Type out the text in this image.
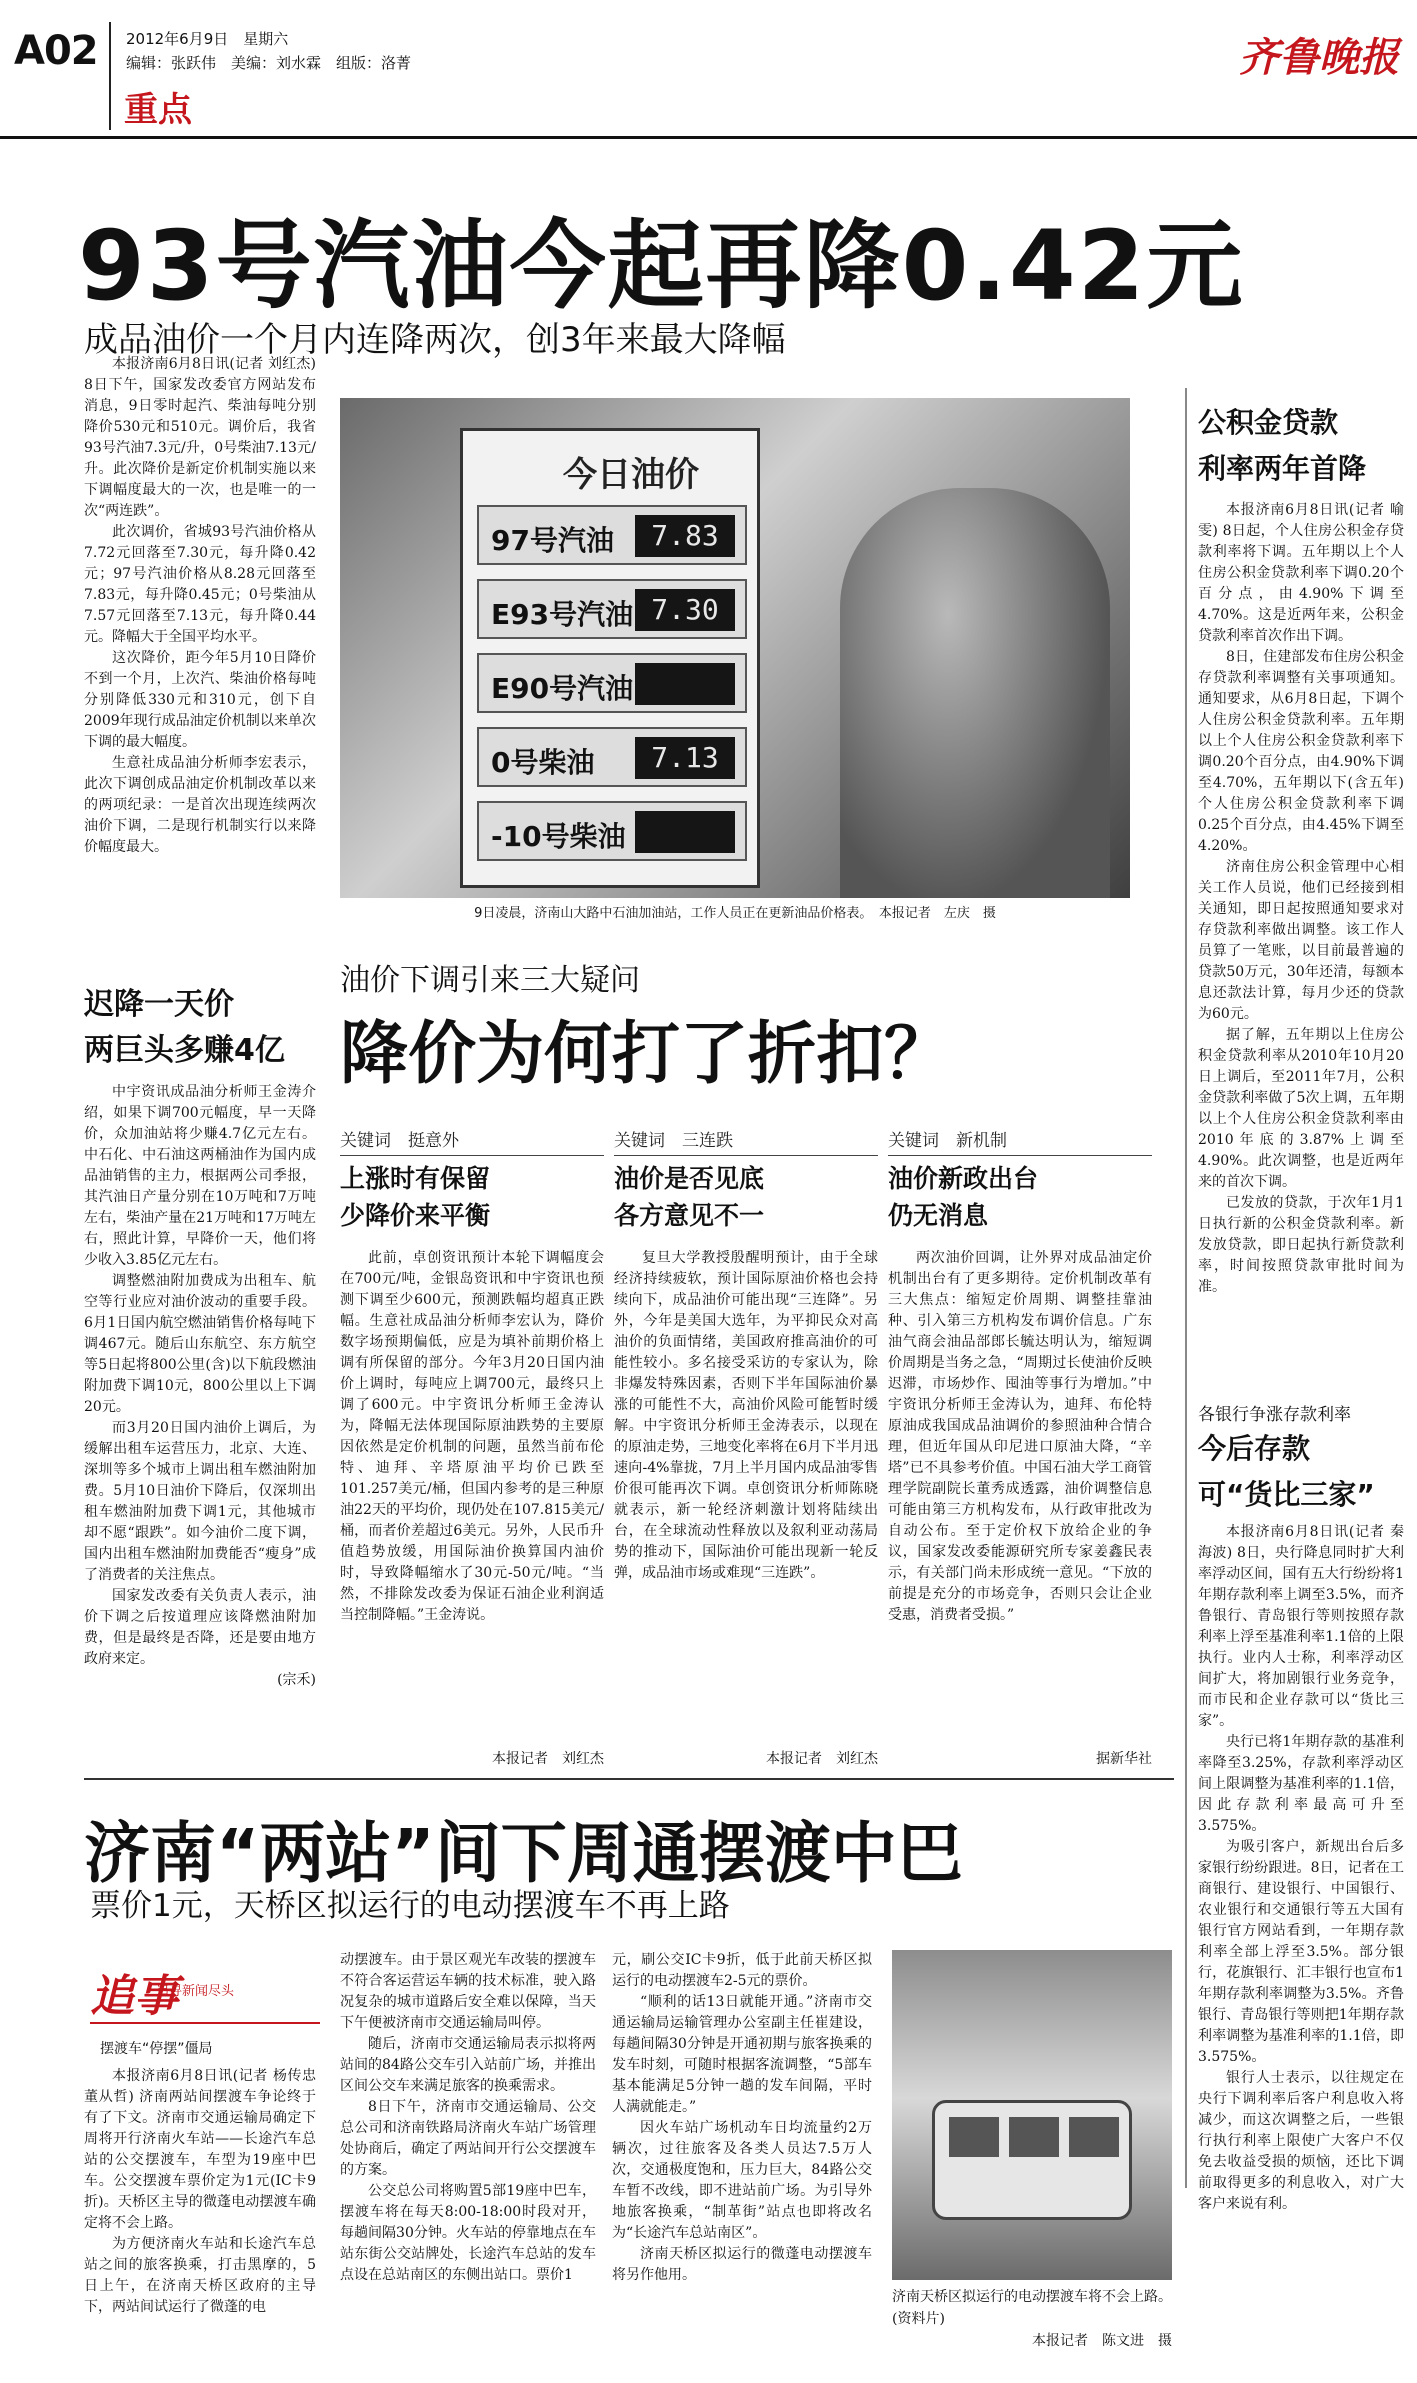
A02 2012年6月9日　星期六
编辑：张跃伟　美编：刘水霖　组版：洛菁
重点
齐鲁晚报
93号汽油今起再降0.42元
成品油价一个月内连降两次，创3年来最大降幅

本报济南6月8日讯(记者 刘红杰) 8日下午，国家发改委官方网站发布消息，9日零时起汽、柴油每吨分别降价530元和510元。调价后，我省93号汽油7.3元/升，0号柴油7.13元/升。此次降价是新定价机制实施以来下调幅度最大的一次，也是唯一的一次“两连跌”。

此次调价，省城93号汽油价格从7.72元回落至7.30元，每升降0.42元；97号汽油价格从8.28元回落至7.83元，每升降0.45元；0号柴油从7.57元回落至7.13元，每升降0.44元。降幅大于全国平均水平。

这次降价，距今年5月10日降价不到一个月，上次汽、柴油价格每吨分别降低330元和310元，创下自2009年现行成品油定价机制以来单次下调的最大幅度。

生意社成品油分析师李宏表示，此次下调创成品油定价机制改革以来的两项纪录：一是首次出现连续两次油价下调，二是现行机制实行以来降价幅度最大。

今日油价
97号汽油	7.83
E93号汽油 7.30
E90号汽油
0号柴油	7.13
-10号柴油
9日凌晨，济南山大路中石油加油站，工作人员正在更新油品价格表。　本报记者　左庆　摄
迟降一天价
两巨头多赚4亿

中宇资讯成品油分析师王金涛介绍，如果下调700元幅度，早一天降价，众加油站将少赚4.7亿元左右。中石化、中石油这两桶油作为国内成品油销售的主力，根据两公司季报，其汽油日产量分别在10万吨和7万吨左右，柴油产量在21万吨和17万吨左右，照此计算，早降价一天，他们将少收入3.85亿元左右。

调整燃油附加费成为出租车、航空等行业应对油价波动的重要手段。6月1日国内航空燃油销售价格每吨下调467元。随后山东航空、东方航空等5日起将800公里(含)以下航段燃油附加费下调10元，800公里以上下调20元。

而3月20日国内油价上调后，为缓解出租车运营压力，北京、大连、深圳等多个城市上调出租车燃油附加费。5月10日油价下降后，仅深圳出租车燃油附加费下调1元，其他城市却不愿“跟跌”。如今油价二度下调，国内出租车燃油附加费能否“瘦身”成了消费者的关注焦点。

国家发改委有关负责人表示，油价下调之后按道理应该降燃油附加费，但是最终是否降，还是要由地方政府来定。

(宗禾)
油价下调引来三大疑问
降价为何打了折扣？
关键词　挺意外
上涨时有保留
少降价来平衡

此前，卓创资讯预计本轮下调幅度会在700元/吨，金银岛资讯和中宇资讯也预测下调至少600元，预测跌幅均超真正跌幅。生意社成品油分析师李宏认为，降价数字场预期偏低，应是为填补前期价格上调有所保留的部分。今年3月20日国内油价上调时，每吨应上调700元，最终只上调了600元。中宇资讯分析师王金涛认为，降幅无法体现国际原油跌势的主要原因依然是定价机制的问题，虽然当前布伦特、迪拜、辛塔原油平均价已跌至101.257美元/桶，但国内参考的是三种原油22天的平均价，现仍处在107.815美元/桶，而者价差超过6美元。另外，人民币升值趋势放缓，用国际油价换算国内油价时，导致降幅缩水了30元-50元/吨。“当然，不排除发改委为保证石油企业利润适当控制降幅。”王金涛说。

本报记者　刘红杰
关键词　三连跌
油价是否见底
各方意见不一

复旦大学教授殷醒明预计，由于全球经济持续疲软，预计国际原油价格也会持续向下，成品油价可能出现“三连降”。另外，今年是美国大选年，为平抑民众对高油价的负面情绪，美国政府推高油价的可能性较小。多名接受采访的专家认为，除非爆发特殊因素，否则下半年国际油价暴涨的可能性不大，高油价风险可能暂时缓解。中宇资讯分析师王金涛表示，以现在的原油走势，三地变化率将在6月下半月迅速向-4%靠拢，7月上半月国内成品油零售价很可能再次下调。卓创资讯分析师陈晓就表示，新一轮经济刺激计划将陆续出台，在全球流动性释放以及叙利亚动荡局势的推动下，国际油价可能出现新一轮反弹，成品油市场或难现“三连跌”。

本报记者　刘红杰
关键词　新机制
油价新政出台
仍无消息

两次油价回调，让外界对成品油定价机制出台有了更多期待。定价机制改革有三大焦点：缩短定价周期、调整挂靠油种、引入第三方机构发布调价信息。广东油气商会油品部郎长毓达明认为，缩短调价周期是当务之急，“周期过长使油价反映迟滞，市场炒作、囤油等事行为增加。”中宇资讯分析师王金涛认为，迪拜、布伦特原油成我国成品油调价的参照油种合情合理，但近年国从印尼进口原油大降，“辛塔”已不具参考价值。中国石油大学工商管理学院副院长董秀成透露，油价调整信息可能由第三方机构发布，从行政审批改为自动公布。至于定价权下放给企业的争议，国家发改委能源研究所专家姜鑫民表示，有关部门尚未形成统一意见。“下放的前提是充分的市场竞争，否则只会让企业受惠，消费者受损。”

据新华社
公积金贷款
利率两年首降

本报济南6月8日讯(记者 喻雯) 8日起，个人住房公积金存贷款利率将下调。五年期以上个人住房公积金贷款利率下调0.20个百分点，由4.90%下调至4.70%。这是近两年来，公积金贷款利率首次作出下调。

8日，住建部发布住房公积金存贷款利率调整有关事项通知。通知要求，从6月8日起，下调个人住房公积金贷款利率。五年期以上个人住房公积金贷款利率下调0.20个百分点，由4.90%下调至4.70%，五年期以下(含五年)个人住房公积金贷款利率下调0.25个百分点，由4.45%下调至4.20%。

济南住房公积金管理中心相关工作人员说，他们已经接到相关通知，即日起按照通知要求对存贷款利率做出调整。该工作人员算了一笔账，以目前最普遍的贷款50万元，30年还清，每额本息还款法计算，每月少还的贷款为60元。

据了解，五年期以上住房公积金贷款利率从2010年10月20日上调后，至2011年7月，公积金贷款利率做了5次上调，五年期以上个人住房公积金贷款利率由2010年底的3.87%上调至4.90%。此次调整，也是近两年来的首次下调。

已发放的贷款，于次年1月1日执行新的公积金贷款利率。新发放贷款，即日起执行新贷款利率，时间按照贷款审批时间为准。

各银行争涨存款利率
今后存款
可“货比三家”

本报济南6月8日讯(记者 秦海波) 8日，央行降息同时扩大利率浮动区间，国有五大行纷纷将1年期存款利率上调至3.5%，而齐鲁银行、青岛银行等则按照存款利率上浮至基准利率1.1倍的上限执行。业内人士称，利率浮动区间扩大，将加剧银行业务竞争，而市民和企业存款可以“货比三家”。

央行已将1年期存款的基准利率降至3.25%，存款利率浮动区间上限调整为基准利率的1.1倍，因此存款利率最高可升至3.575%。

为吸引客户，新规出台后多家银行纷纷跟进。8日，记者在工商银行、建设银行、中国银行、农业银行和交通银行等五大国有银行官方网站看到，一年期存款利率全部上浮至3.5%。部分银行，花旗银行、汇丰银行也宣布1年期存款利率调整为3.5%。齐鲁银行、青岛银行等则把1年期存款利率调整为基准利率的1.1倍，即3.575%。

银行人士表示，以往规定在央行下调利率后客户利息收入将减少，而这次调整之后，一些银行执行利率上限使广大客户不仅免去收益受损的烦恼，还比下调前取得更多的利息收入，对广大客户来说有利。

济南“两站”间下周通摆渡中巴
票价1元，天桥区拟运行的电动摆渡车不再上路
追事
追寻新闻尽头
摆渡车“停摆”僵局

本报济南6月8日讯(记者 杨传忠 董从哲) 济南两站间摆渡车争论终于有了下文。济南市交通运输局确定下周将开行济南火车站——长途汽车总站的公交摆渡车，车型为19座中巴车。公交摆渡车票价定为1元(IC卡9折)。天桥区主导的微蓬电动摆渡车确定将不会上路。

为方便济南火车站和长途汽车总站之间的旅客换乘，打击黑摩的，5日上午，在济南天桥区政府的主导下，两站间试运行了微蓬的电

动摆渡车。由于景区观光车改装的摆渡车不符合客运营运车辆的技术标准，驶入路况复杂的城市道路后安全难以保障，当天下午便被济南市交通运输局叫停。

随后，济南市交通运输局表示拟将两站间的84路公交车引入站前广场，并推出区间公交车来满足旅客的换乘需求。

8日下午，济南市交通运输局、公交总公司和济南铁路局济南火车站广场管理处协商后，确定了两站间开行公交摆渡车的方案。

公交总公司将购置5部19座中巴车，摆渡车将在每天8:00-18:00时段对开，每趟间隔30分钟。火车站的停靠地点在车站东街公交站牌处，长途汽车总站的发车点设在总站南区的东侧出站口。票价1

元，刷公交IC卡9折，低于此前天桥区拟运行的电动摆渡车2-5元的票价。

“顺利的话13日就能开通。”济南市交通运输局运输管理办公室副主任崔建设，每趟间隔30分钟是开通初期与旅客换乘的发车时刻，可随时根据客流调整，“5部车基本能满足5分钟一趟的发车间隔，平时人满就能走。”

因火车站广场机动车日均流量约2万辆次，过往旅客及各类人员达7.5万人次，交通极度饱和，压力巨大，84路公交车暂不改线，即不进站前广场。为引导外地旅客换乘，“制革街”站点也即将改名为“长途汽车总站南区”。

济南天桥区拟运行的微蓬电动摆渡车将另作他用。

济南天桥区拟运行的电动摆渡车将不会上路。(资料片)
本报记者　陈文进　摄
